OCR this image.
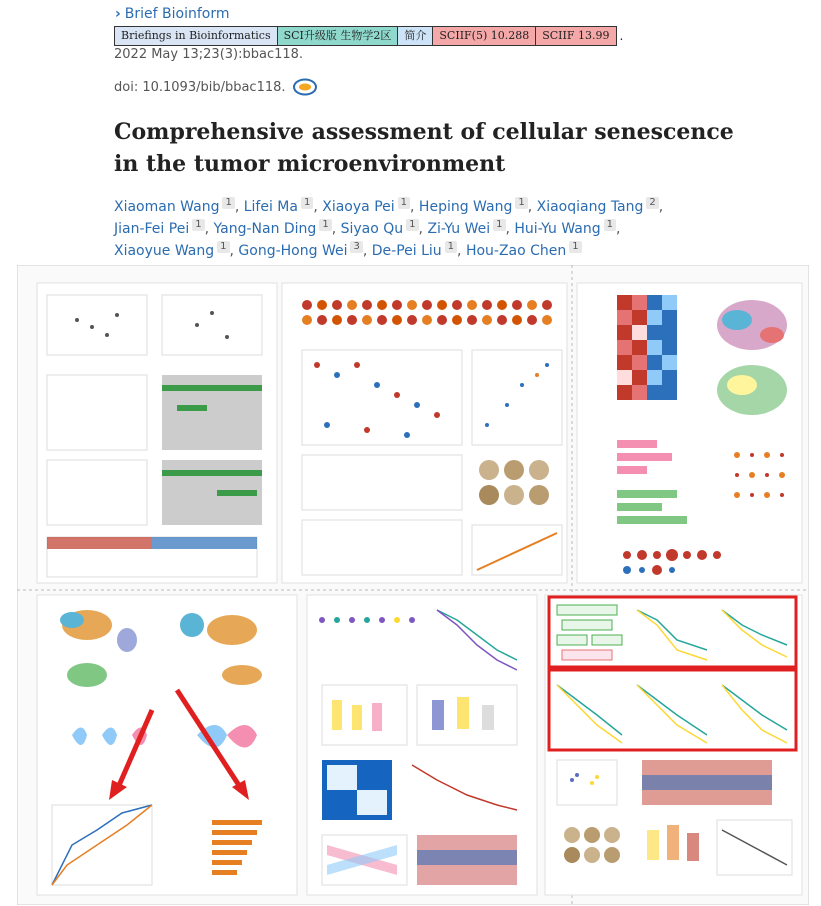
› Brief Bioinform
Briefings in Bioinformatics	SCI升级版 生物学2区	简介	SCIIF(5) 10.288	SCIIF 13.99 .
2022 May 13;23(3):bbac118.
doi: 10.1093/bib/bbac118.
Comprehensive assessment of cellular senescence in the tumor microenvironment
Xiaoman Wang 1 , Lifei Ma 1 , Xiaoya Pei 1 , Heping Wang 1 , Xiaoqiang Tang 2 , Jian-Fei Pei 1 , Yang-Nan Ding 1 , Siyao Qu 1 , Zi-Yu Wei 1 , Hui-Yu Wang 1 , Xiaoyue Wang 1 , Gong-Hong Wei 3 , De-Pei Liu 1 , Hou-Zao Chen 1
